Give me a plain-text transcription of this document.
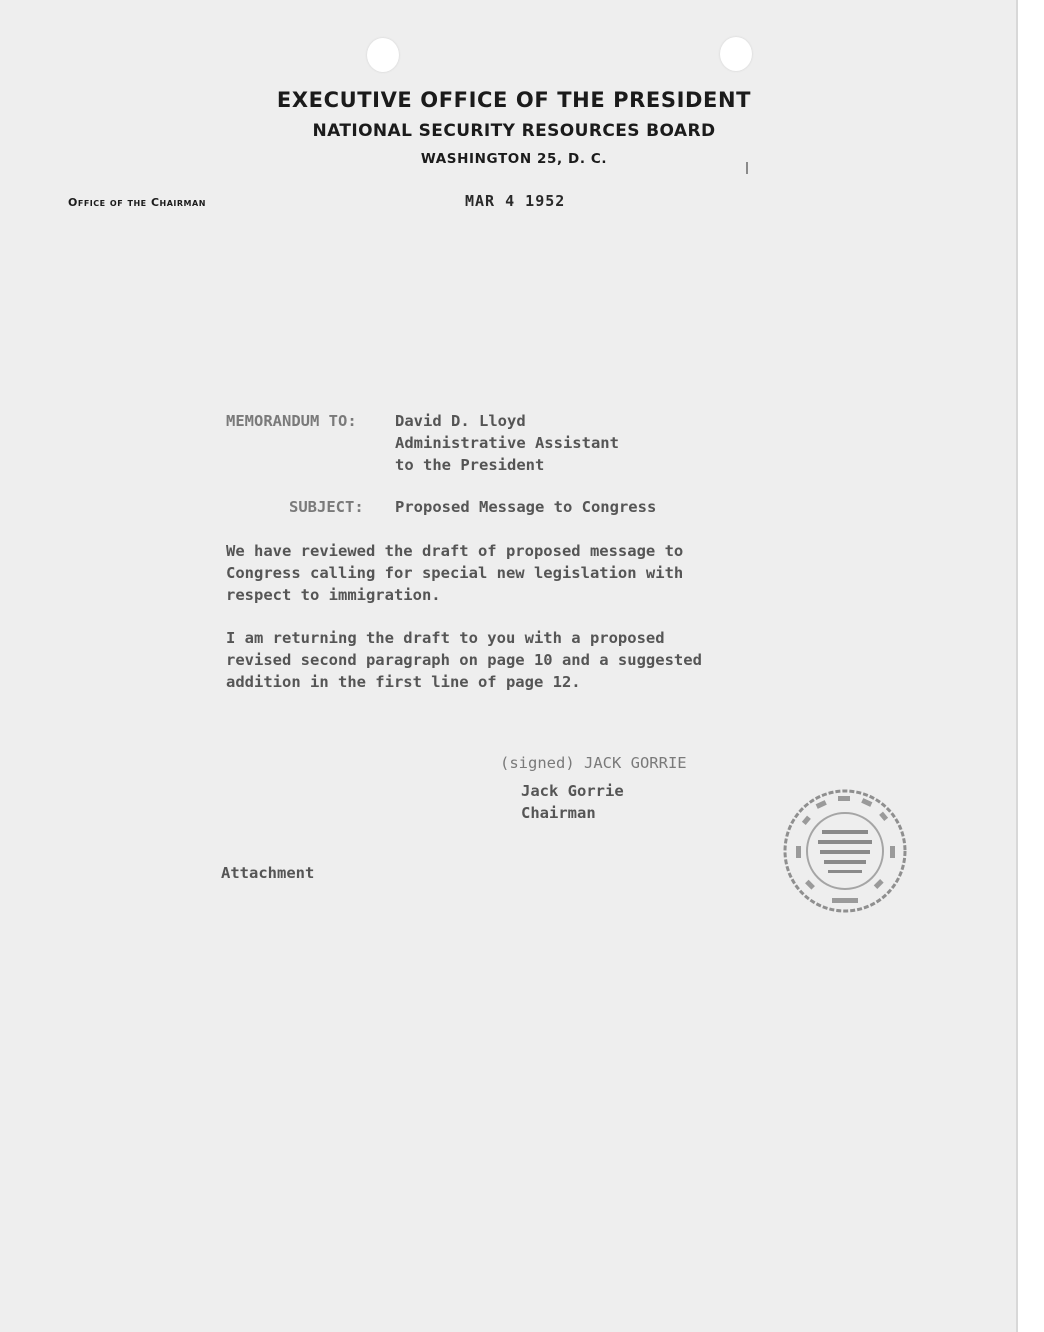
EXECUTIVE OFFICE OF THE PRESIDENT
NATIONAL SECURITY RESOURCES BOARD
WASHINGTON 25, D. C.
Office of the Chairman	MAR 4 1952
MEMORANDUM TO: David D. Lloyd
Administrative Assistant
to the President
SUBJECT: Proposed Message to Congress
We have reviewed the draft of proposed message to
Congress calling for special new legislation with
respect to immigration.
I am returning the draft to you with a proposed
revised second paragraph on page 10 and a suggested
addition in the first line of page 12.
(signed) JACK GORRIE
Jack Gorrie
Chairman
Attachment
